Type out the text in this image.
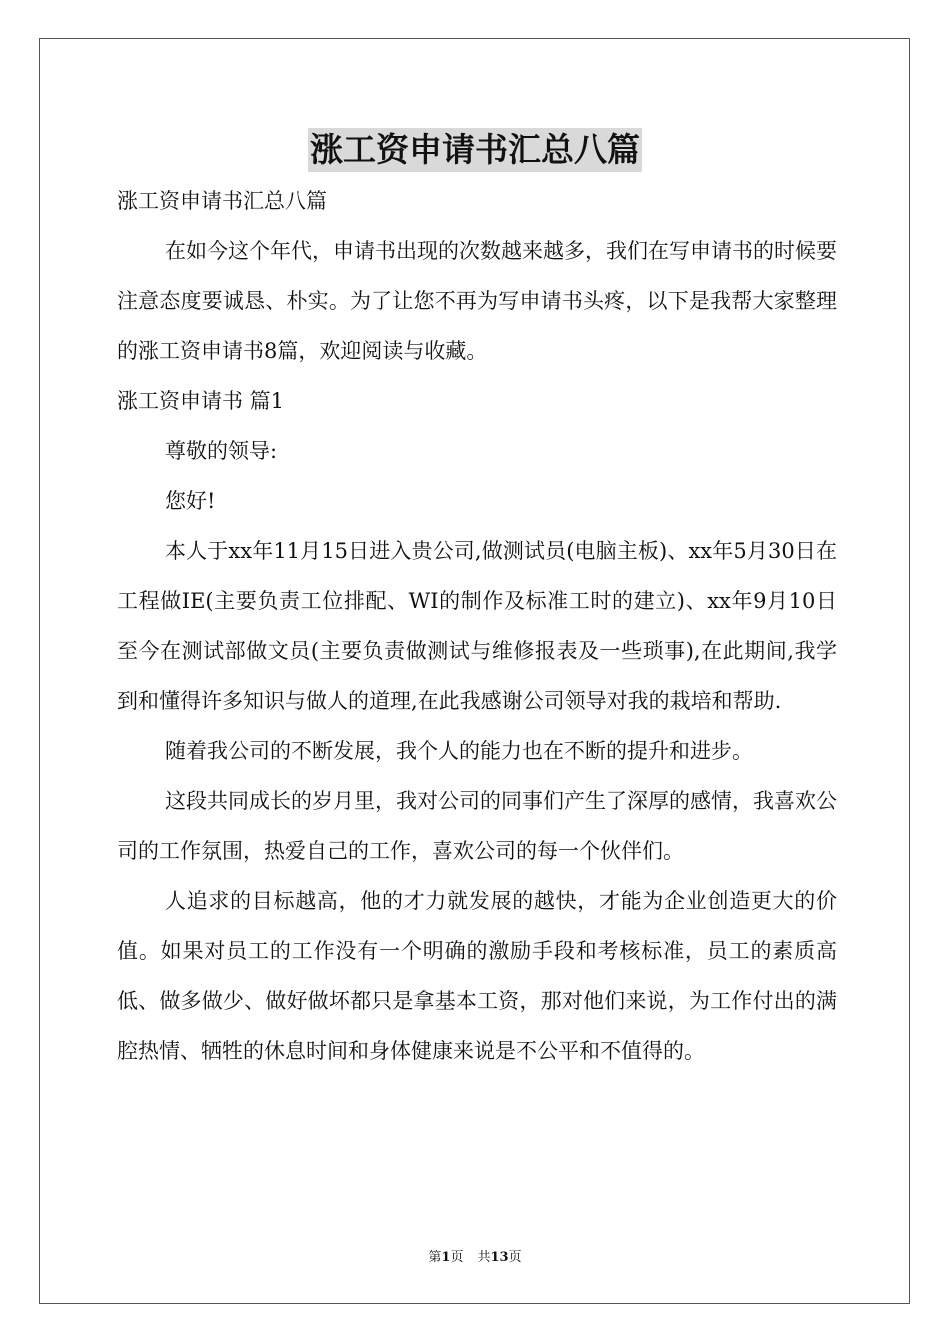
涨工资申请书汇总八篇

涨工资申请书汇总八篇

在如今这个年代，申请书出现的次数越来越多，我们在写申请书的时候要注意态度要诚恳、朴实。为了让您不再为写申请书头疼，以下是我帮大家整理的涨工资申请书8篇，欢迎阅读与收藏。

涨工资申请书 篇1

尊敬的领导:

您好!

本人于xx年11月15日进入贵公司,做测试员(电脑主板)、xx年5月30日在工程做IE(主要负责工位排配、WI的制作及标准工时的建立)、xx年9月10日至今在测试部做文员(主要负责做测试与维修报表及一些琐事),在此期间,我学到和懂得许多知识与做人的道理,在此我感谢公司领导对我的栽培和帮助.

随着我公司的不断发展，我个人的能力也在不断的提升和进步。

这段共同成长的岁月里，我对公司的同事们产生了深厚的感情，我喜欢公司的工作氛围，热爱自己的工作，喜欢公司的每一个伙伴们。

人追求的目标越高，他的才力就发展的越快，才能为企业创造更大的价值。如果对员工的工作没有一个明确的激励手段和考核标准，员工的素质高低、做多做少、做好做坏都只是拿基本工资，那对他们来说，为工作付出的满腔热情、牺牲的休息时间和身体健康来说是不公平和不值得的。

第1页 共13页
